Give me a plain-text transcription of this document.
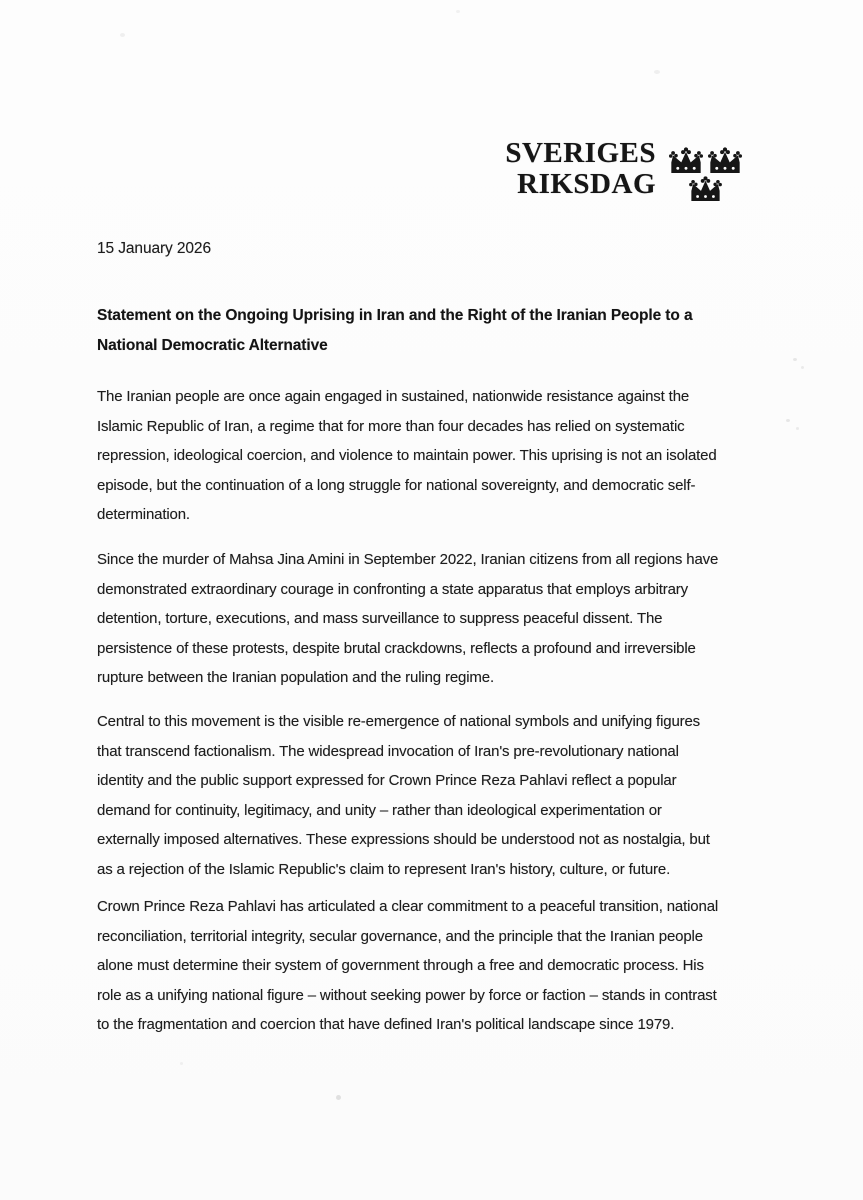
SVERIGES
RIKSDAG
15 January 2026
Statement on the Ongoing Uprising in Iran and the Right of the Iranian People to a
National Democratic Alternative
The Iranian people are once again engaged in sustained, nationwide resistance against the
Islamic Republic of Iran, a regime that for more than four decades has relied on systematic
repression, ideological coercion, and violence to maintain power. This uprising is not an isolated
episode, but the continuation of a long struggle for national sovereignty, and democratic self-
determination.
Since the murder of Mahsa Jina Amini in September 2022, Iranian citizens from all regions have
demonstrated extraordinary courage in confronting a state apparatus that employs arbitrary
detention, torture, executions, and mass surveillance to suppress peaceful dissent. The
persistence of these protests, despite brutal crackdowns, reflects a profound and irreversible
rupture between the Iranian population and the ruling regime.
Central to this movement is the visible re-emergence of national symbols and unifying figures
that transcend factionalism. The widespread invocation of Iran's pre-revolutionary national
identity and the public support expressed for Crown Prince Reza Pahlavi reflect a popular
demand for continuity, legitimacy, and unity – rather than ideological experimentation or
externally imposed alternatives. These expressions should be understood not as nostalgia, but
as a rejection of the Islamic Republic's claim to represent Iran's history, culture, or future.
Crown Prince Reza Pahlavi has articulated a clear commitment to a peaceful transition, national
reconciliation, territorial integrity, secular governance, and the principle that the Iranian people
alone must determine their system of government through a free and democratic process. His
role as a unifying national figure – without seeking power by force or faction – stands in contrast
to the fragmentation and coercion that have defined Iran's political landscape since 1979.
